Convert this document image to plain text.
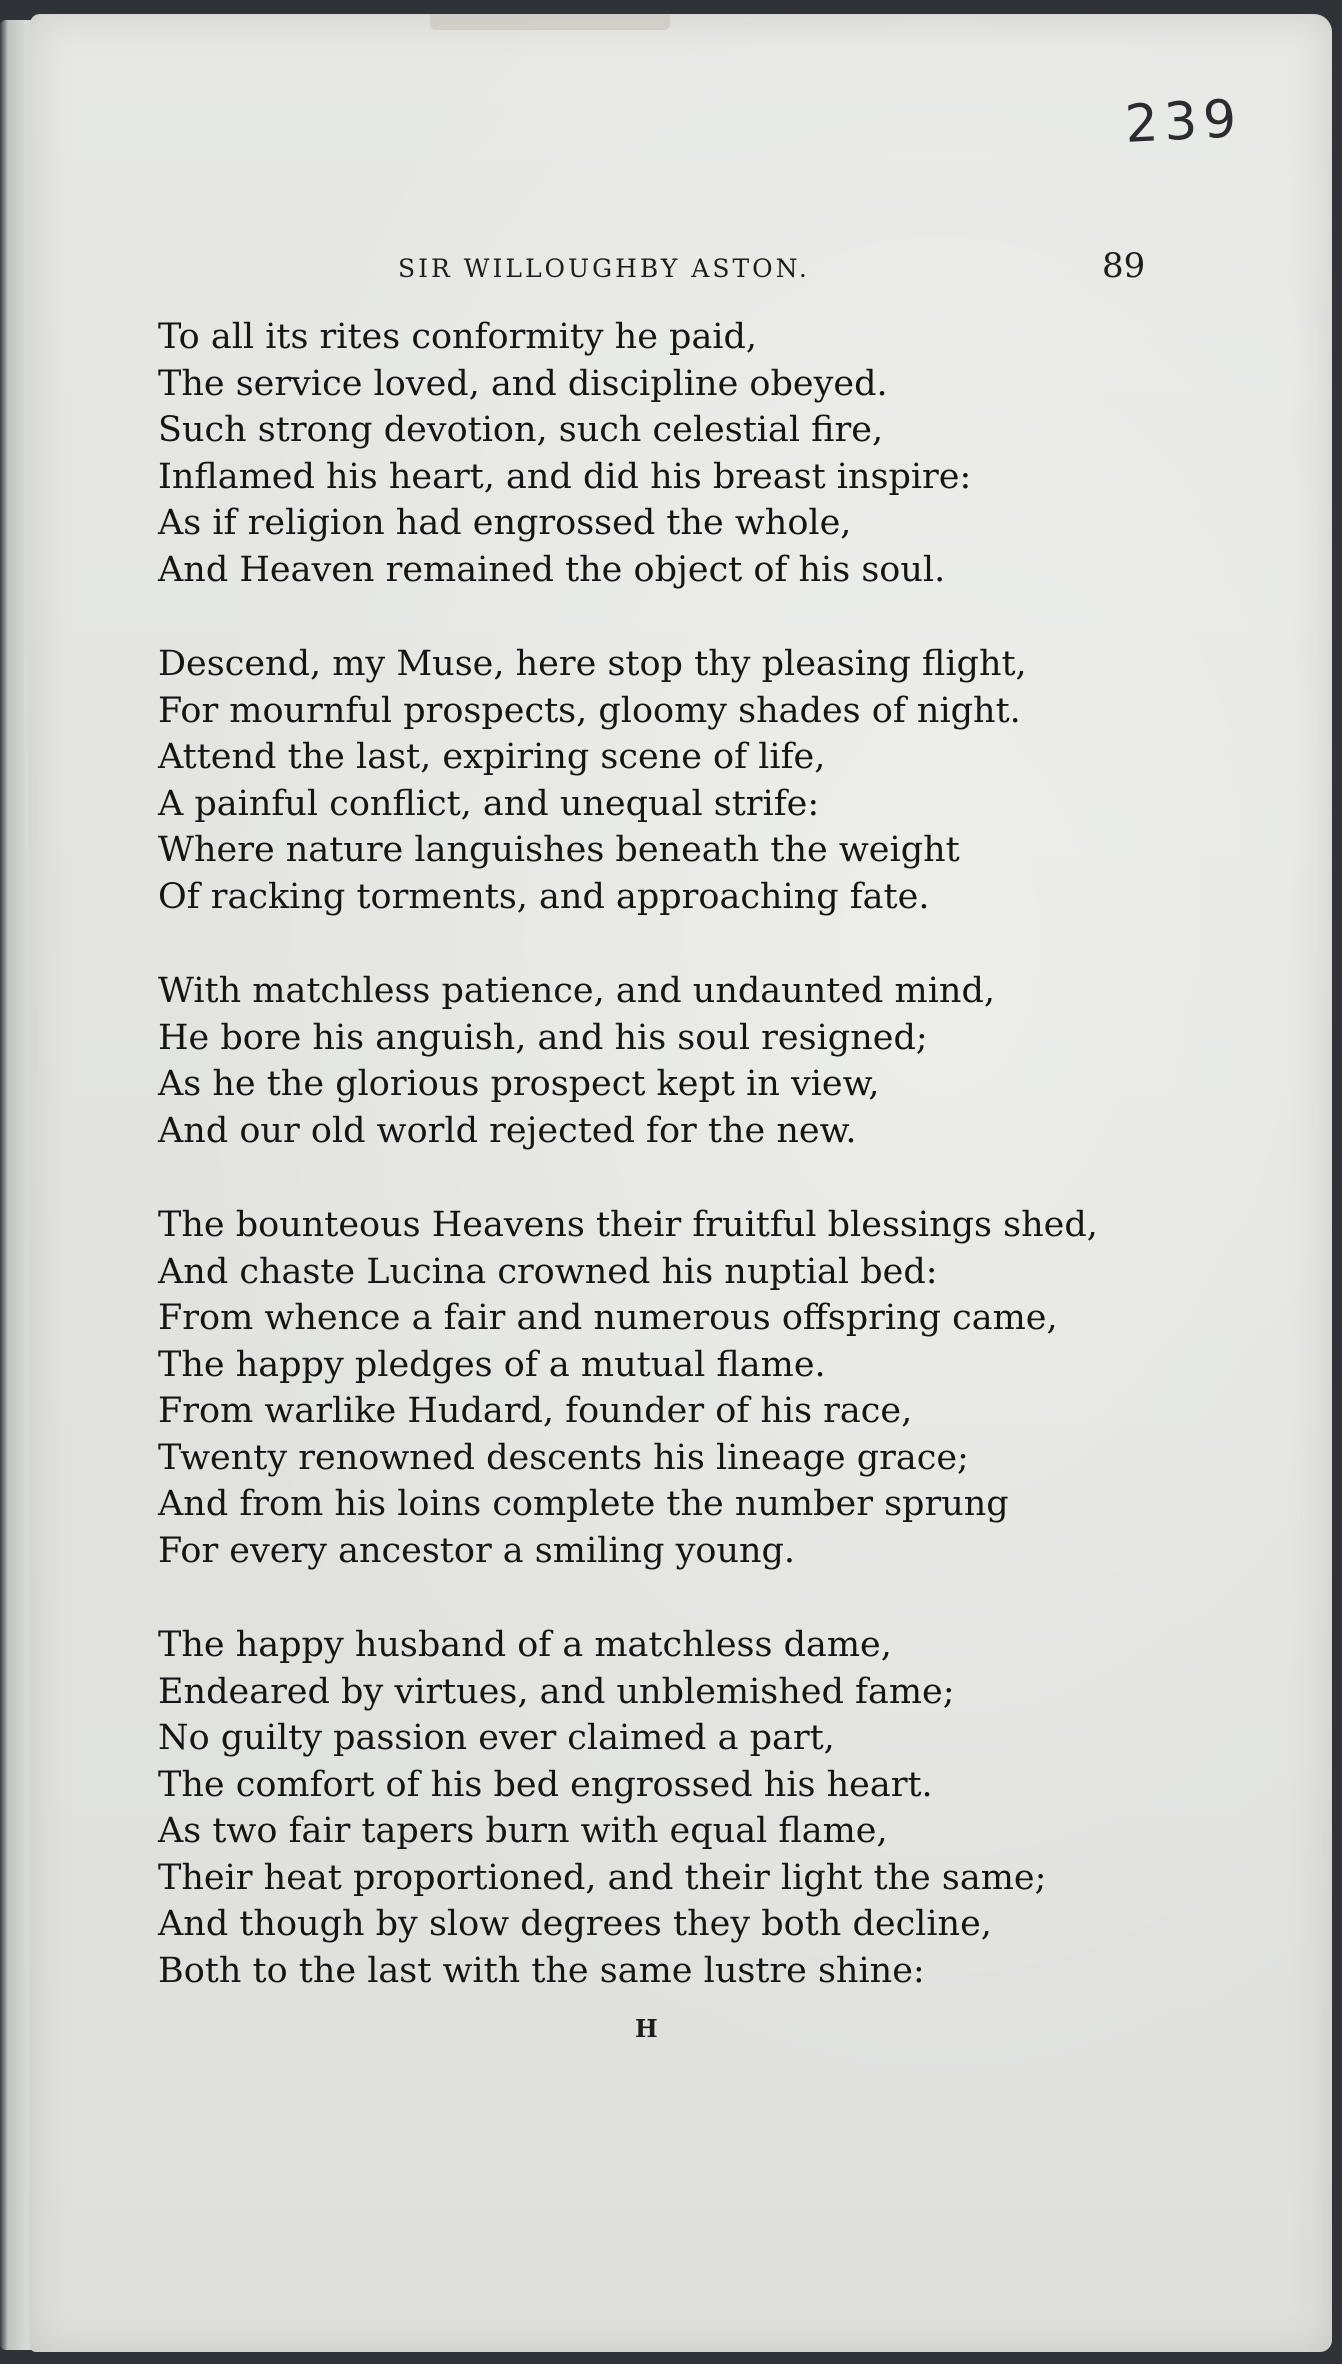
239
SIR WILLOUGHBY ASTON.	89
To all its rites conformity he paid,
The service loved, and discipline obeyed.
Such strong devotion, such celestial fire,
Inflamed his heart, and did his breast inspire:
As if religion had engrossed the whole,
And Heaven remained the object of his soul.
Descend, my Muse, here stop thy pleasing flight,
For mournful prospects, gloomy shades of night.
Attend the last, expiring scene of life,
A painful conflict, and unequal strife:
Where nature languishes beneath the weight
Of racking torments, and approaching fate.
With matchless patience, and undaunted mind,
He bore his anguish, and his soul resigned;
As he the glorious prospect kept in view,
And our old world rejected for the new.
The bounteous Heavens their fruitful blessings shed,
And chaste Lucina crowned his nuptial bed:
From whence a fair and numerous offspring came,
The happy pledges of a mutual flame.
From warlike Hudard, founder of his race,
Twenty renowned descents his lineage grace;
And from his loins complete the number sprung
For every ancestor a smiling young.
The happy husband of a matchless dame,
Endeared by virtues, and unblemished fame;
No guilty passion ever claimed a part,
The comfort of his bed engrossed his heart.
As two fair tapers burn with equal flame,
Their heat proportioned, and their light the same;
And though by slow degrees they both decline,
Both to the last with the same lustre shine:
H
